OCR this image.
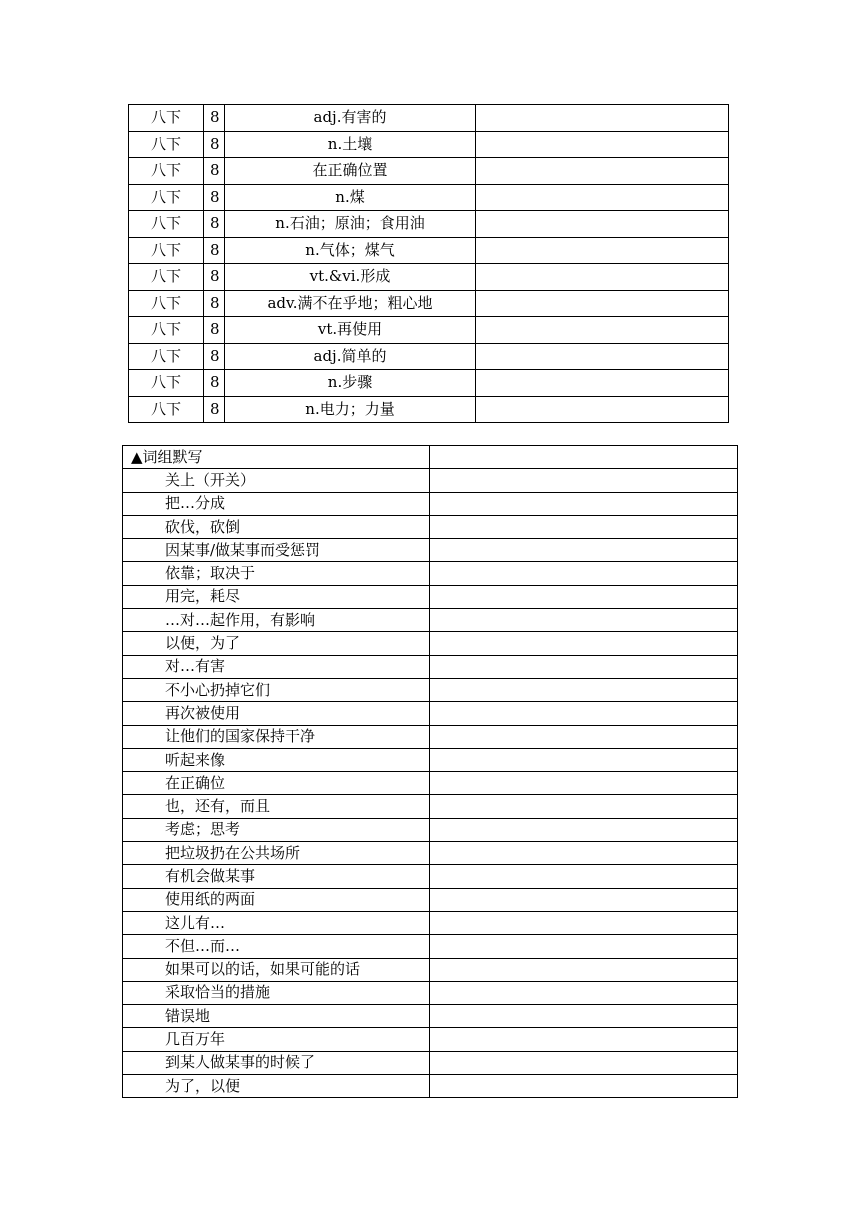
八下	8	adj.有害的	
八下	8	n.土壤	
八下	8	在正确位置	
八下	8	n.煤	
八下	8	n.石油；原油；食用油	
八下	8	n.气体；煤气	
八下	8	vt.&vi.形成	
八下	8	adv.满不在乎地；粗心地	
八下	8	vt.再使用	
八下	8	adj.简单的	
八下	8	n.步骤	
八下	8	n.电力；力量	
▲词组默写	
关上（开关）	
把…分成	
砍伐，砍倒	
因某事/做某事而受惩罚	
依靠；取决于	
用完，耗尽	
…对…起作用，有影响	
以便，为了	
对…有害	
不小心扔掉它们	
再次被使用	
让他们的国家保持干净	
听起来像	
在正确位	
也，还有，而且	
考虑；思考	
把垃圾扔在公共场所	
有机会做某事	
使用纸的两面	
这儿有…	
不但…而…	
如果可以的话，如果可能的话	
采取恰当的措施	
错误地	
几百万年	
到某人做某事的时候了	
为了，以便	
